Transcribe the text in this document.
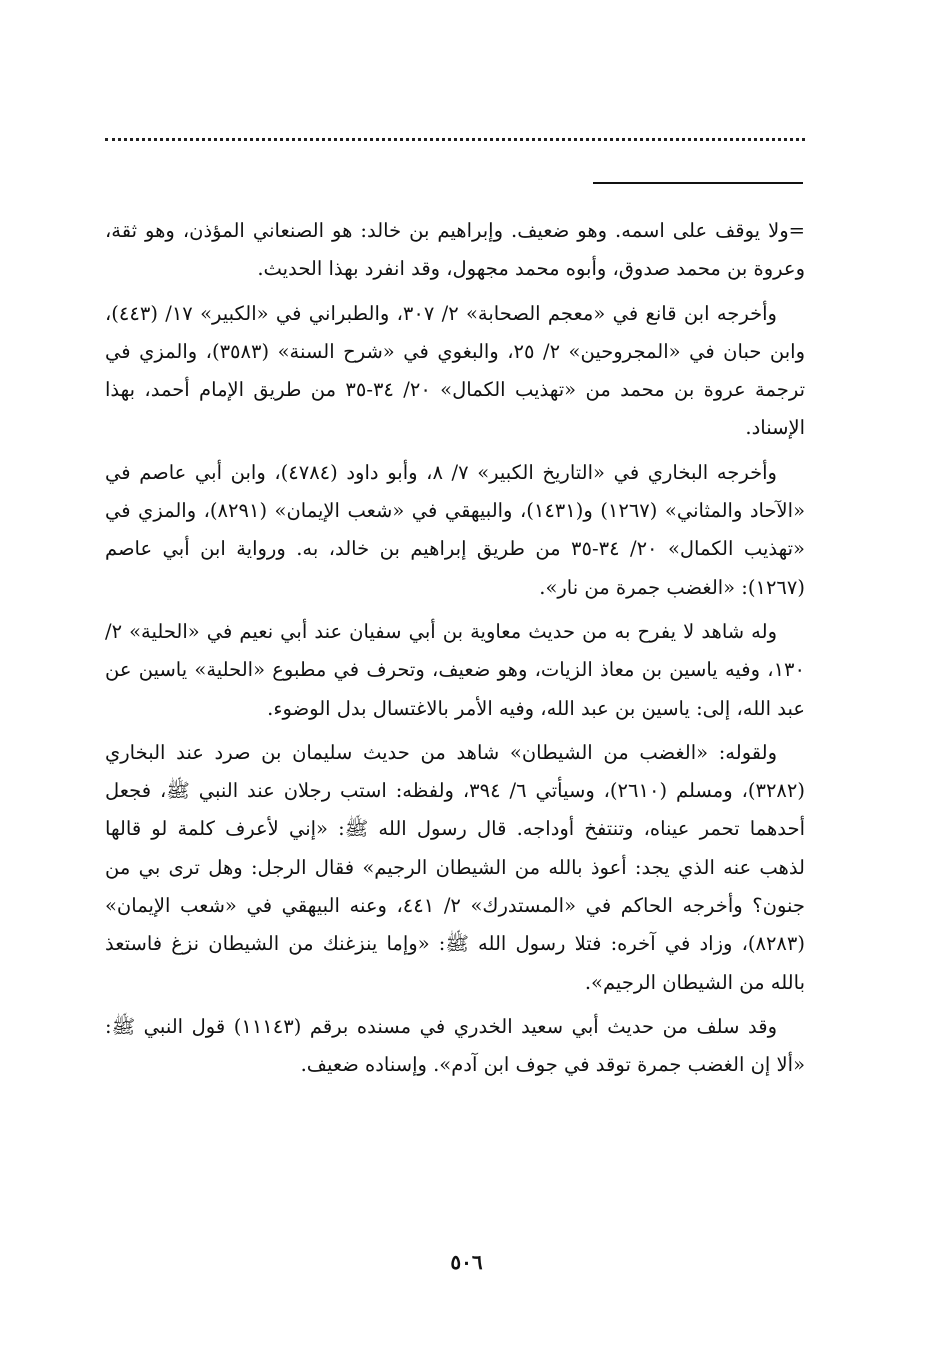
=ولا يوقف على اسمه. وهو ضعيف. وإبراهيم بن خالد: هو الصنعاني المؤذن، وهو ثقة، وعروة بن محمد صدوق، وأبوه محمد مجهول، وقد انفرد بهذا الحديث.

وأخرجه ابن قانع في «معجم الصحابة» ٢/ ٣٠٧، والطبراني في «الكبير» ١٧/ (٤٤٣)، وابن حبان في «المجروحين» ٢/ ٢٥، والبغوي في «شرح السنة» (٣٥٨٣)، والمزي في ترجمة عروة بن محمد من «تهذيب الكمال» ٢٠/ ٣٤-٣٥ من طريق الإمام أحمد، بهذا الإسناد.

وأخرجه البخاري في «التاريخ الكبير» ٧/ ٨، وأبو داود (٤٧٨٤)، وابن أبي عاصم في «الآحاد والمثاني» (١٢٦٧) و(١٤٣١)، والبيهقي في «شعب الإيمان» (٨٢٩١)، والمزي في «تهذيب الكمال» ٢٠/ ٣٤-٣٥ من طريق إبراهيم بن خالد، به. ورواية ابن أبي عاصم (١٢٦٧): «الغضب جمرة من نار».

وله شاهد لا يفرح به من حديث معاوية بن أبي سفيان عند أبي نعيم في «الحلية» ٢/ ١٣٠، وفيه ياسين بن معاذ الزيات، وهو ضعيف، وتحرف في مطبوع «الحلية» ياسين عن عبد الله، إلى: ياسين بن عبد الله، وفيه الأمر بالاغتسال بدل الوضوء.

ولقوله: «الغضب من الشيطان» شاهد من حديث سليمان بن صرد عند البخاري (٣٢٨٢)، ومسلم (٢٦١٠)، وسيأتي ٦/ ٣٩٤، ولفظه: استب رجلان عند النبي ﷺ، فجعل أحدهما تحمر عيناه، وتنتفخ أوداجه. قال رسول الله ﷺ: «إني لأعرف كلمة لو قالها لذهب عنه الذي يجد: أعوذ بالله من الشيطان الرجيم» فقال الرجل: وهل ترى بي من جنون؟ وأخرجه الحاكم في «المستدرك» ٢/ ٤٤١، وعنه البيهقي في «شعب الإيمان» (٨٢٨٣)، وزاد في آخره: فتلا رسول الله ﷺ: «وإما ينزغنك من الشيطان نزغ فاستعذ بالله من الشيطان الرجيم».

وقد سلف من حديث أبي سعيد الخدري في مسنده برقم (١١١٤٣) قول النبي ﷺ: «ألا إن الغضب جمرة توقد في جوف ابن آدم». وإسناده ضعيف.

٥٠٦
